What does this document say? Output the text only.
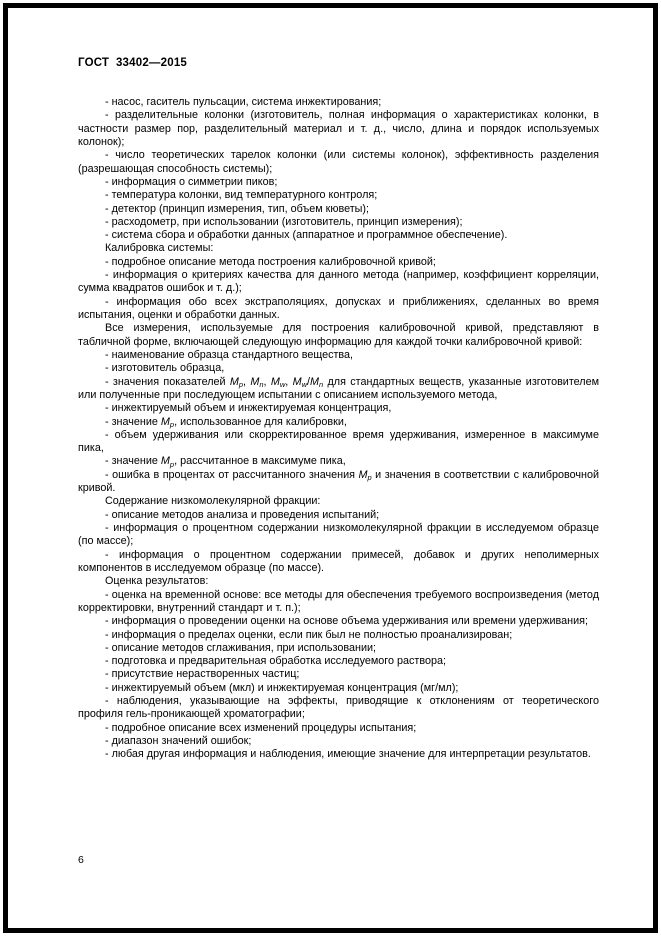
ГОСТ  33402—2015

- насос, гаситель пульсации, система инжектирования;

- разделительные колонки (изготовитель, полная информация о характеристиках колонки, в частности размер пор, разделительный материал и т. д., число, длина и порядок используемых колонок);

- число теоретических тарелок колонки (или системы колонок), эффективность разделения (разрешающая способность системы);

- информация о симметрии пиков;

- температура колонки, вид температурного контроля;

- детектор (принцип измерения, тип, объем кюветы);

- расходометр, при использовании (изготовитель, принцип измерения);

- система сбора и обработки данных (аппаратное и программное обеспечение).

Калибровка системы:

- подробное описание метода построения калибровочной кривой;

- информация о критериях качества для данного метода (например, коэффициент корреляции, сумма квадратов ошибок и т. д.);

- информация обо всех экстраполяциях, допусках и приближениях, сделанных во время испытания, оценки и обработки данных.

Все измерения, используемые для построения калибровочной кривой, представляют в табличной форме, включающей следующую информацию для каждой точки калибровочной кривой:

- наименование образца стандартного вещества,

- изготовитель образца,

- значения показателей $M_p$, $M_n$, $M_w$, $M_w/M_n$ для стандартных веществ, указанные изготовителем или полученные при последующем испытании с описанием используемого метода,

- инжектируемый объем и инжектируемая концентрация,

- значение $M_p$, использованное для калибровки,

- объем удерживания или скорректированное время удерживания, измеренное в максимуме пика,

- значение $M_p$, рассчитанное в максимуме пика,

- ошибка в процентах от рассчитанного значения $M_p$ и значения в соответствии с калибровочной кривой.

Содержание низкомолекулярной фракции:

- описание методов анализа и проведения испытаний;

- информация о процентном содержании низкомолекулярной фракции в исследуемом образце (по массе);

- информация о процентном содержании примесей, добавок и других неполимерных компонентов в исследуемом образце (по массе).

Оценка результатов:

- оценка на временной основе: все методы для обеспечения требуемого воспроизведения (метод корректировки, внутренний стандарт и т. п.);

- информация о проведении оценки на основе объема удерживания или времени удерживания;

- информация о пределах оценки, если пик был не полностью проанализирован;

- описание методов сглаживания, при использовании;

- подготовка и предварительная обработка исследуемого раствора;

- присутствие нерастворенных частиц;

- инжектируемый объем (мкл) и инжектируемая концентрация (мг/мл);

- наблюдения, указывающие на эффекты, приводящие к отклонениям от теоретического профиля гель-проникающей хроматографии;

- подробное описание всех изменений процедуры испытания;

- диапазон значений ошибок;

- любая другая информация и наблюдения, имеющие значение для интерпретации результатов.

6
